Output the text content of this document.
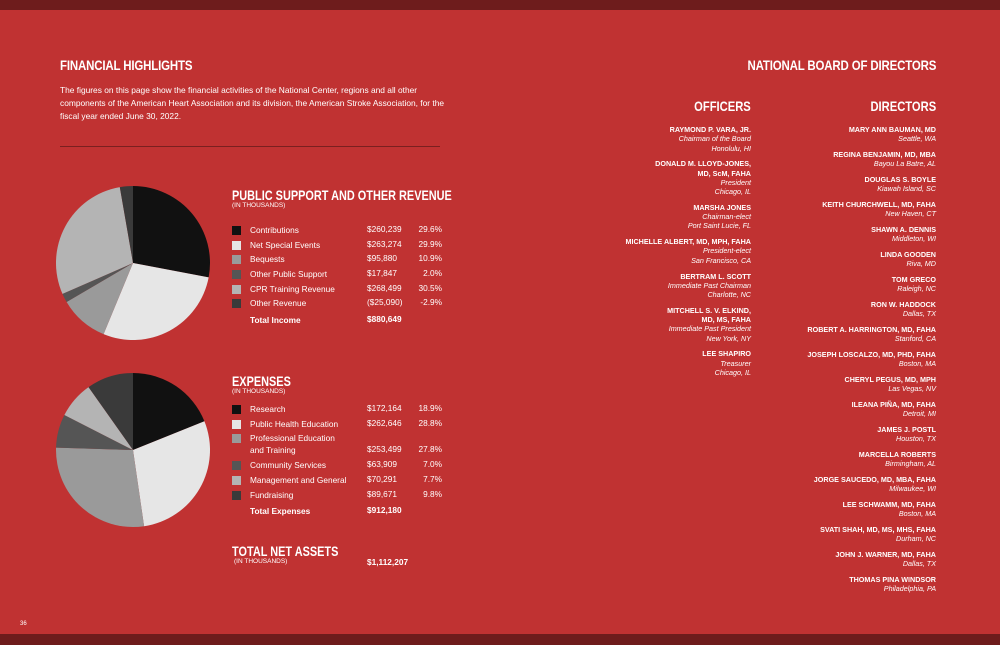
FINANCIAL HIGHLIGHTS
The figures on this page show the financial activities of the National Center, regions and all other components of the American Heart Association and its division, the American Stroke Association, for the fiscal year ended June 30, 2022.
PUBLIC SUPPORT AND OTHER REVENUE
(IN THOUSANDS)
Contributions	$260,239 29.6%
Net Special Events	$263,274 29.9%
Bequests	$95,880	10.9%
Other Public Support	$17,847	2.0%
CPR Training Revenue	$268,499 30.5%
Other Revenue	($25,090)	-2.9%
Total Income	$880,649
EXPENSES
(IN THOUSANDS)
Research	$172,164 18.9%
Public Health Education	$262,646 28.8%
Professional Education
and Training	$253,499 27.8%
Community Services	$63,909	7.0%
Management and General $70,291	7.7%
Fundraising	$89,671	9.8%
Total Expenses	$912,180
TOTAL NET ASSETS
(IN THOUSANDS)	$1,112,207
36
NATIONAL BOARD OF DIRECTORS
OFFICERS	DIRECTORS
RAYMOND P. VARA, JR.
Chairman of the Board
Honolulu, HI
DONALD M. LLOYD-JONES,
MD, ScM, FAHA
President
Chicago, IL
MARSHA JONES
Chairman-elect
Port Saint Lucie, FL
MICHELLE ALBERT, MD, MPH, FAHA
President-elect
San Francisco, CA
BERTRAM L. SCOTT
Immediate Past Chairman
Charlotte, NC
MITCHELL S. V. ELKIND,
MD, MS, FAHA
Immediate Past President
New York, NY
LEE SHAPIRO
Treasurer
Chicago, IL
MARY ANN BAUMAN, MD
Seattle, WA
REGINA BENJAMIN, MD, MBA
Bayou La Batre, AL
DOUGLAS S. BOYLE
Kiawah Island, SC
KEITH CHURCHWELL, MD, FAHA
New Haven, CT
SHAWN A. DENNIS
Middleton, WI
LINDA GOODEN
Riva, MD
TOM GRECO
Raleigh, NC
RON W. HADDOCK
Dallas, TX
ROBERT A. HARRINGTON, MD, FAHA
Stanford, CA
JOSEPH LOSCALZO, MD, PHD, FAHA
Boston, MA
CHERYL PEGUS, MD, MPH
Las Vegas, NV
ILEANA PIÑA, MD, FAHA
Detroit, MI
JAMES J. POSTL
Houston, TX
MARCELLA ROBERTS
Birmingham, AL
JORGE SAUCEDO, MD, MBA, FAHA
Milwaukee, WI
LEE SCHWAMM, MD, FAHA
Boston, MA
SVATI SHAH, MD, MS, MHS, FAHA
Durham, NC
JOHN J. WARNER, MD, FAHA
Dallas, TX
THOMAS PINA WINDSOR
Philadelphia, PA
